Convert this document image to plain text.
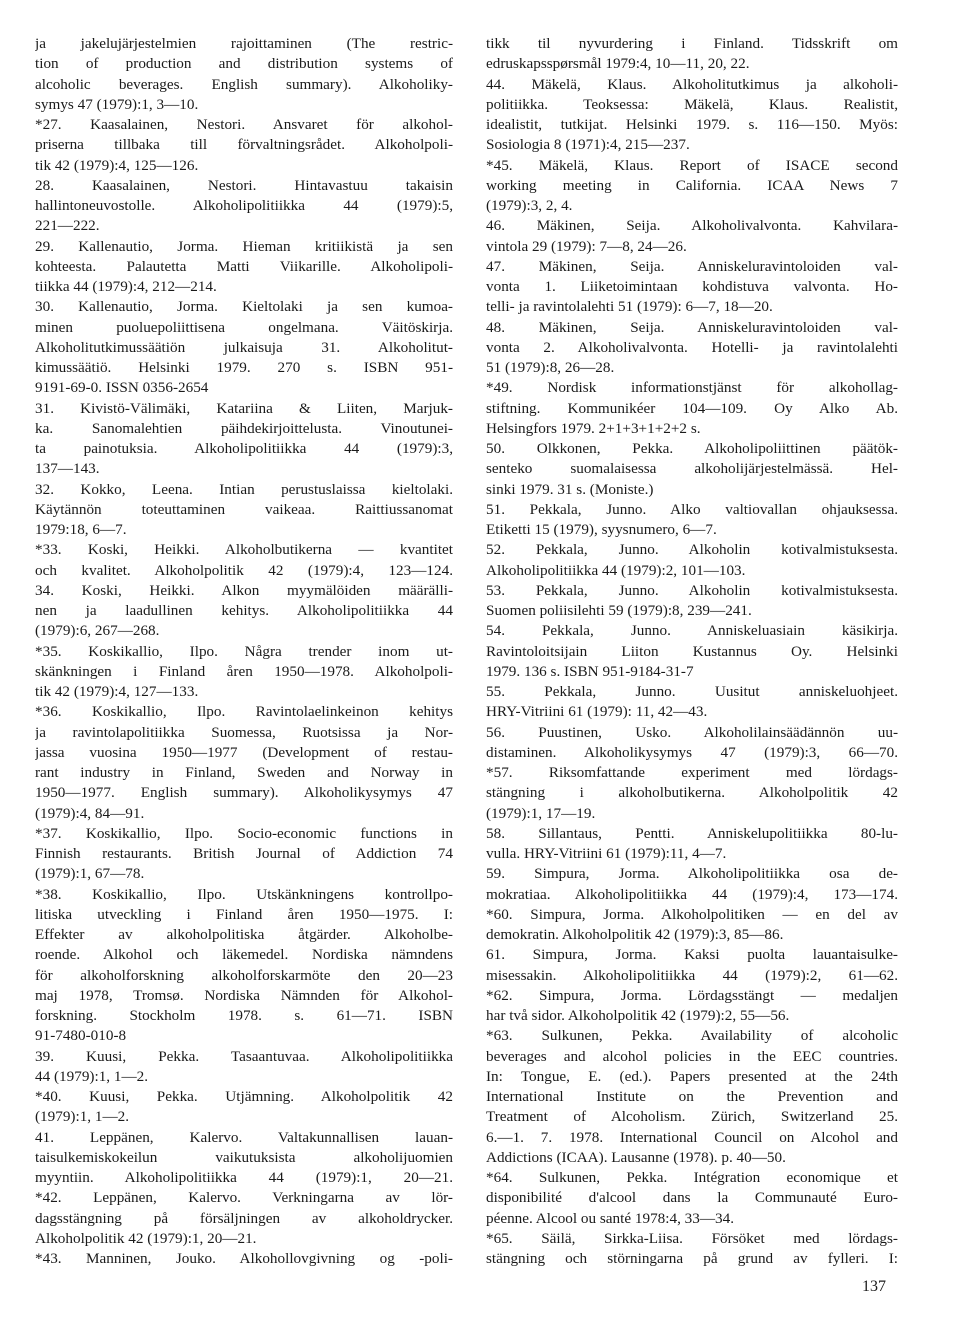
ja jakelujärjestelmien rajoittaminen (The restric-
tion of production and distribution systems of
alcoholic beverages. English summary). Alkoholiky-
symys 47 (1979):1, 3—10.
*27. Kaasalainen, Nestori. Ansvaret för alkohol-
priserna tillbaka till förvaltningsrådet. Alkoholpoli-
tik 42 (1979):4, 125—126.
28. Kaasalainen, Nestori. Hintavastuu takaisin
hallintoneuvostolle. Alkoholipolitiikka 44 (1979):5,
221—222.
29. Kallenautio, Jorma. Hieman kritiikistä ja sen
kohteesta. Palautetta Matti Viikarille. Alkoholipoli-
tiikka 44 (1979):4, 212—214.
30. Kallenautio, Jorma. Kieltolaki ja sen kumoa-
minen puoluepoliittisena ongelmana. Väitöskirja.
Alkoholitutkimussäätiön julkaisuja 31. Alkoholitut-
kimussäätiö. Helsinki 1979. 270 s. ISBN 951-
9191-69-0. ISSN 0356-2654
31. Kivistö-Välimäki, Katariina & Liiten, Marjuk-
ka. Sanomalehtien päihdekirjoittelusta. Vinoutunei-
ta painotuksia. Alkoholipolitiikka 44 (1979):3,
137—143.
32. Kokko, Leena. Intian perustuslaissa kieltolaki.
Käytännön toteuttaminen vaikeaa. Raittiussanomat
1979:18, 6—7.
*33. Koski, Heikki. Alkoholbutikerna — kvantitet
och kvalitet. Alkoholpolitik 42 (1979):4, 123—124.
34. Koski, Heikki. Alkon myymälöiden määrälli-
nen ja laadullinen kehitys. Alkoholipolitiikka 44
(1979):6, 267—268.
*35. Koskikallio, Ilpo. Några trender inom ut-
skänkningen i Finland åren 1950—1978. Alkoholpoli-
tik 42 (1979):4, 127—133.
*36. Koskikallio, Ilpo. Ravintolaelinkeinon kehitys
ja ravintolapolitiikka Suomessa, Ruotsissa ja Nor-
jassa vuosina 1950—1977 (Development of restau-
rant industry in Finland, Sweden and Norway in
1950—1977. English summary). Alkoholikysymys 47
(1979):4, 84—91.
*37. Koskikallio, Ilpo. Socio-economic functions in
Finnish restaurants. British Journal of Addiction 74
(1979):1, 67—78.
*38. Koskikallio, Ilpo. Utskänkningens kontrollpo-
litiska utveckling i Finland åren 1950—1975. I:
Effekter av alkoholpolitiska åtgärder. Alkoholbe-
roende. Alkohol och läkemedel. Nordiska nämndens
för alkoholforskning alkoholforskarmöte den 20—23
maj 1978, Tromsø. Nordiska Nämnden för Alkohol-
forskning. Stockholm 1978. s. 61—71. ISBN
91-7480-010-8
39. Kuusi, Pekka. Tasaantuvaa. Alkoholipolitiikka
44 (1979):1, 1—2.
*40. Kuusi, Pekka. Utjämning. Alkoholpolitik 42
(1979):1, 1—2.
41. Leppänen, Kalervo. Valtakunnallisen lauan-
taisulkemiskokeilun vaikutuksista alkoholijuomien
myyntiin. Alkoholipolitiikka 44 (1979):1, 20—21.
*42. Leppänen, Kalervo. Verkningarna av lör-
dagsstängning på försäljningen av alkoholdrycker.
Alkoholpolitik 42 (1979):1, 20—21.
*43. Manninen, Jouko. Alkohollovgivning og -poli-
tikk til nyvurdering i Finland. Tidsskrift om
edruskapsspørsmål 1979:4, 10—11, 20, 22.
44. Mäkelä, Klaus. Alkoholitutkimus ja alkoholi-
politiikka. Teoksessa: Mäkelä, Klaus. Realistit,
idealistit, tutkijat. Helsinki 1979. s. 116—150. Myös:
Sosiologia 8 (1971):4, 215—237.
*45. Mäkelä, Klaus. Report of ISACE second
working meeting in California. ICAA News 7
(1979):3, 2, 4.
46. Mäkinen, Seija. Alkoholivalvonta. Kahvilara-
vintola 29 (1979): 7—8, 24—26.
47. Mäkinen, Seija. Anniskeluravintoloiden val-
vonta 1. Liiketoimintaan kohdistuva valvonta. Ho-
telli- ja ravintolalehti 51 (1979): 6—7, 18—20.
48. Mäkinen, Seija. Anniskeluravintoloiden val-
vonta 2. Alkoholivalvonta. Hotelli- ja ravintolalehti
51 (1979):8, 26—28.
*49. Nordisk informationstjänst för alkohollag-
stiftning. Kommunikéer 104—109. Oy Alko Ab.
Helsingfors 1979. 2+1+3+1+2+2 s.
50. Olkkonen, Pekka. Alkoholipoliittinen päätök-
senteko suomalaisessa alkoholijärjestelmässä. Hel-
sinki 1979. 31 s. (Moniste.)
51. Pekkala, Junno. Alko valtiovallan ohjauksessa.
Etiketti 15 (1979), syysnumero, 6—7.
52. Pekkala, Junno. Alkoholin kotivalmistuksesta.
Alkoholipolitiikka 44 (1979):2, 101—103.
53. Pekkala, Junno. Alkoholin kotivalmistuksesta.
Suomen poliisilehti 59 (1979):8, 239—241.
54. Pekkala, Junno. Anniskeluasiain käsikirja.
Ravintoloitsijain Liiton Kustannus Oy. Helsinki
1979. 136 s. ISBN 951-9184-31-7
55. Pekkala, Junno. Uusitut anniskeluohjeet.
HRY-Vitriini 61 (1979): 11, 42—43.
56. Puustinen, Usko. Alkoholilainsäädännön uu-
distaminen. Alkoholikysymys 47 (1979):3, 66—70.
*57. Riksomfattande experiment med lördags-
stängning i alkoholbutikerna. Alkoholpolitik 42
(1979):1, 17—19.
58. Sillantaus, Pentti. Anniskelupolitiikka 80-lu-
vulla. HRY-Vitriini 61 (1979):11, 4—7.
59. Simpura, Jorma. Alkoholipolitiikka osa de-
mokratiaa. Alkoholipolitiikka 44 (1979):4, 173—174.
*60. Simpura, Jorma. Alkoholpolitiken — en del av
demokratin. Alkoholpolitik 42 (1979):3, 85—86.
61. Simpura, Jorma. Kaksi puolta lauantaisulke-
misessakin. Alkoholipolitiikka 44 (1979):2, 61—62.
*62. Simpura, Jorma. Lördagsstängt — medaljen
har två sidor. Alkoholpolitik 42 (1979):2, 55—56.
*63. Sulkunen, Pekka. Availability of alcoholic
beverages and alcohol policies in the EEC countries.
In: Tongue, E. (ed.). Papers presented at the 24th
International Institute on the Prevention and
Treatment of Alcoholism. Zürich, Switzerland 25.
6.—1. 7. 1978. International Council on Alcohol and
Addictions (ICAA). Lausanne (1978). p. 40—50.
*64. Sulkunen, Pekka. Intégration economique et
disponibilité d'alcool dans la Communauté Euro-
péenne. Alcool ou santé 1978:4, 33—34.
*65. Säilä, Sirkka-Liisa. Försöket med lördags-
stängning och störningarna på grund av fylleri. I:
137
